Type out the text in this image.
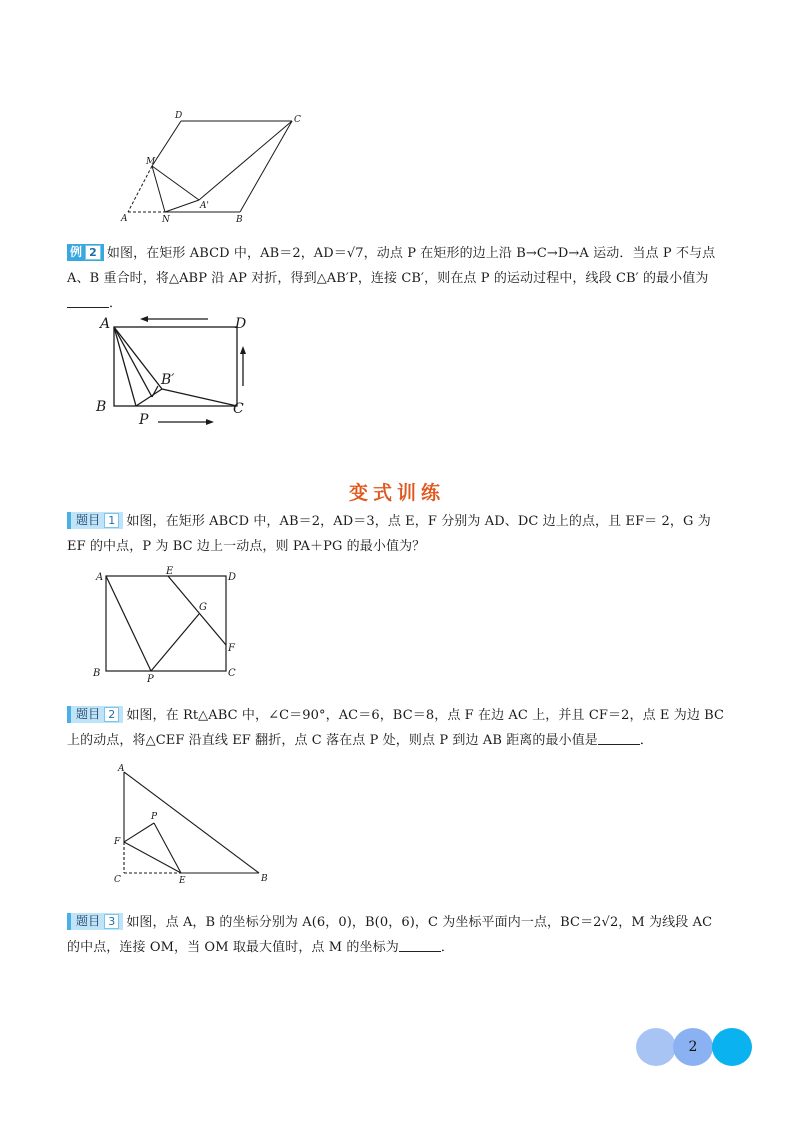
D	C
M
A	N
A'
B
例 2 如图，在矩形 ABCD 中，AB＝2，AD＝√7，动点 P 在矩形的边上沿 B→C→D→A 运动．当点 P 不与点 A、B 重合时，将△ABP 沿 AP 对折，得到△AB′P，连接 CB′，则在点 P 的运动过程中，线段 CB′ 的最小值为．
A	D
B′
B
P
C
变式训练
题目 1 如图，在矩形 ABCD 中，AB＝2，AD＝3，点 E，F 分别为 AD、DC 边上的点，且 EF＝ 2，G 为 EF 的中点，P 为 BC 边上一动点，则 PA＋PG 的最小值为？
A
E
D
G
F
B
P
C
题目 2 如图，在 Rt△ABC 中，∠C＝90°，AC＝6，BC＝8，点 F 在边 AC 上，并且 CF＝2，点 E 为边 BC 上的动点，将△CEF 沿直线 EF 翻折，点 C 落在点 P 处，则点 P 到边 AB 距离的最小值是	．
A
P
F
C	E	B
题目 3 如图，点 A，B 的坐标分别为 A(6，0)，B(0，6)，C 为坐标平面内一点，BC＝2√2，M 为线段 AC 的中点，连接 OM，当 OM 取最大值时，点 M 的坐标为	．
2
